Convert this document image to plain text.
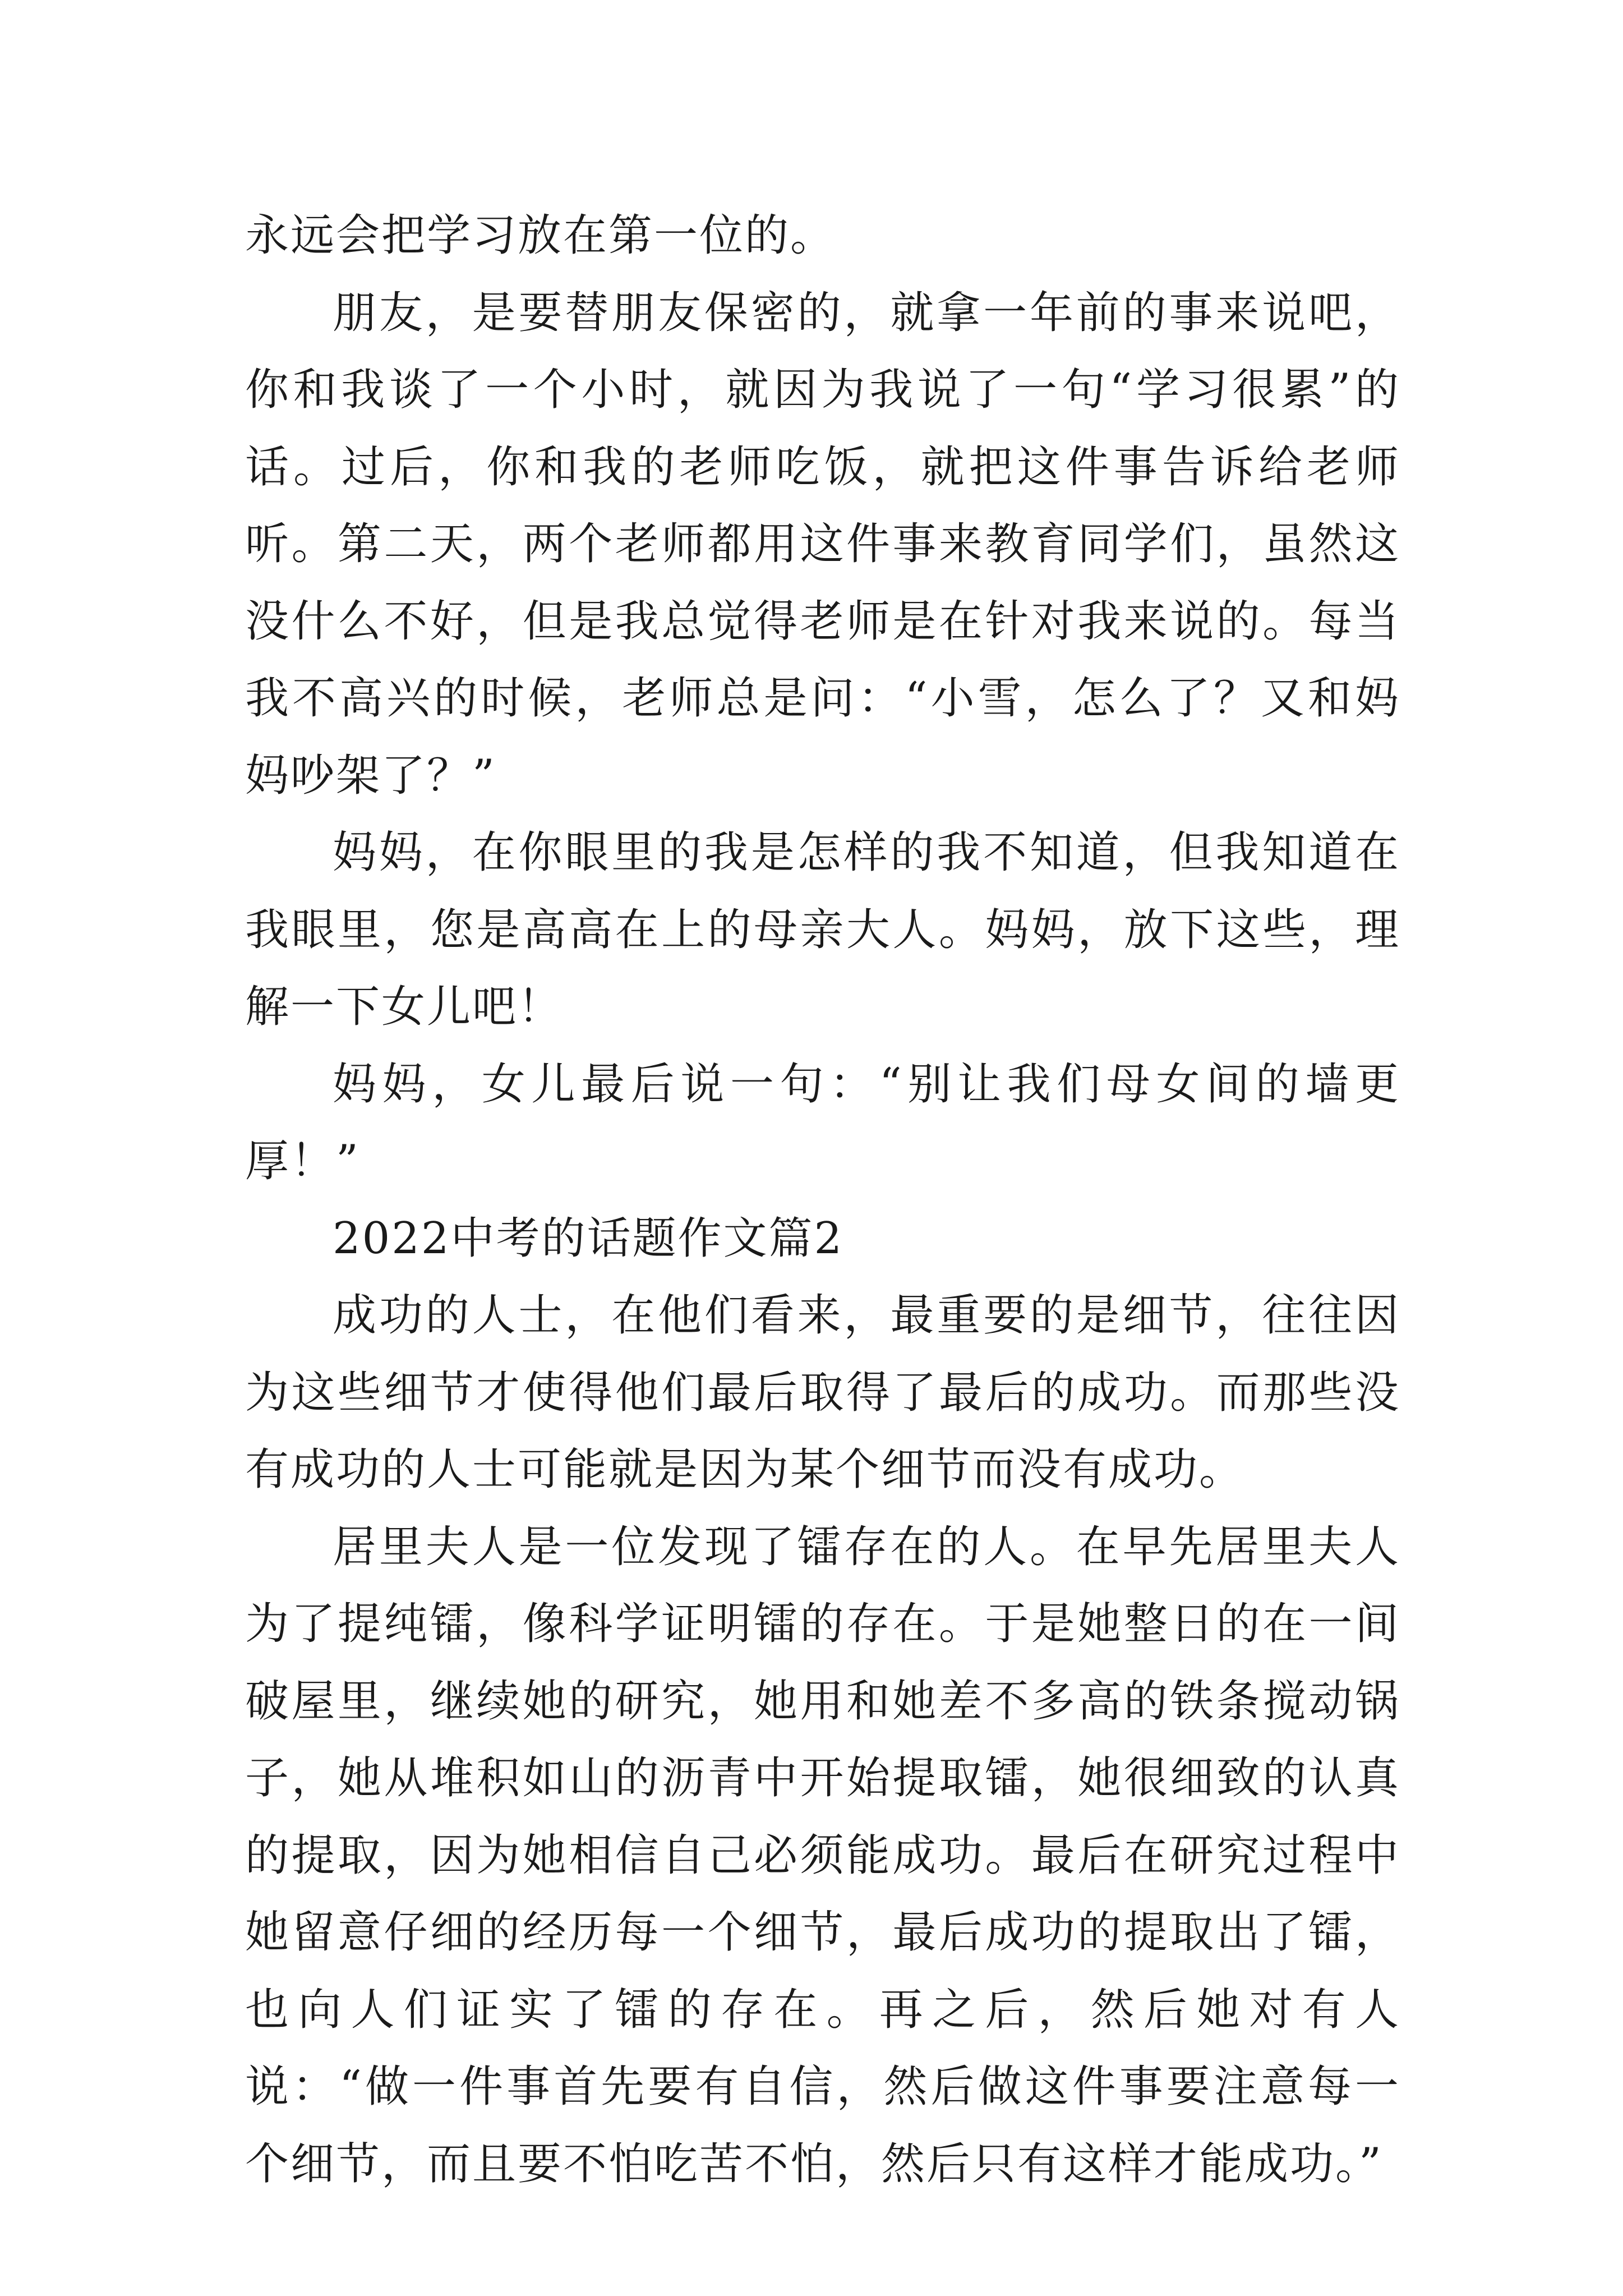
永远会把学习放在第一位的。

朋友，是要替朋友保密的，就拿一年前的事来说吧，你和我谈了一个小时，就因为我说了一句“学习很累”的话。过后，你和我的老师吃饭，就把这件事告诉给老师听。第二天，两个老师都用这件事来教育同学们，虽然这没什么不好，但是我总觉得老师是在针对我来说的。每当我不高兴的时候，老师总是问：“小雪，怎么了？又和妈妈吵架了？”

妈妈，在你眼里的我是怎样的我不知道，但我知道在我眼里，您是高高在上的母亲大人。妈妈，放下这些，理解一下女儿吧！

妈妈，女儿最后说一句：“别让我们母女间的墙更厚！”

2022中考的话题作文篇2

成功的人士，在他们看来，最重要的是细节，往往因为这些细节才使得他们最后取得了最后的成功。而那些没有成功的人士可能就是因为某个细节而没有成功。

居里夫人是一位发现了镭存在的人。在早先居里夫人为了提纯镭，像科学证明镭的存在。于是她整日的在一间破屋里，继续她的研究，她用和她差不多高的铁条搅动锅子，她从堆积如山的沥青中开始提取镭，她很细致的认真的提取，因为她相信自己必须能成功。最后在研究过程中她留意仔细的经历每一个细节，最后成功的提取出了镭，也向人们证实了镭的存在。再之后，然后她对有人说：“做一件事首先要有自信，然后做这件事要注意每一个细节，而且要不怕吃苦不怕，然后只有这样才能成功。”
